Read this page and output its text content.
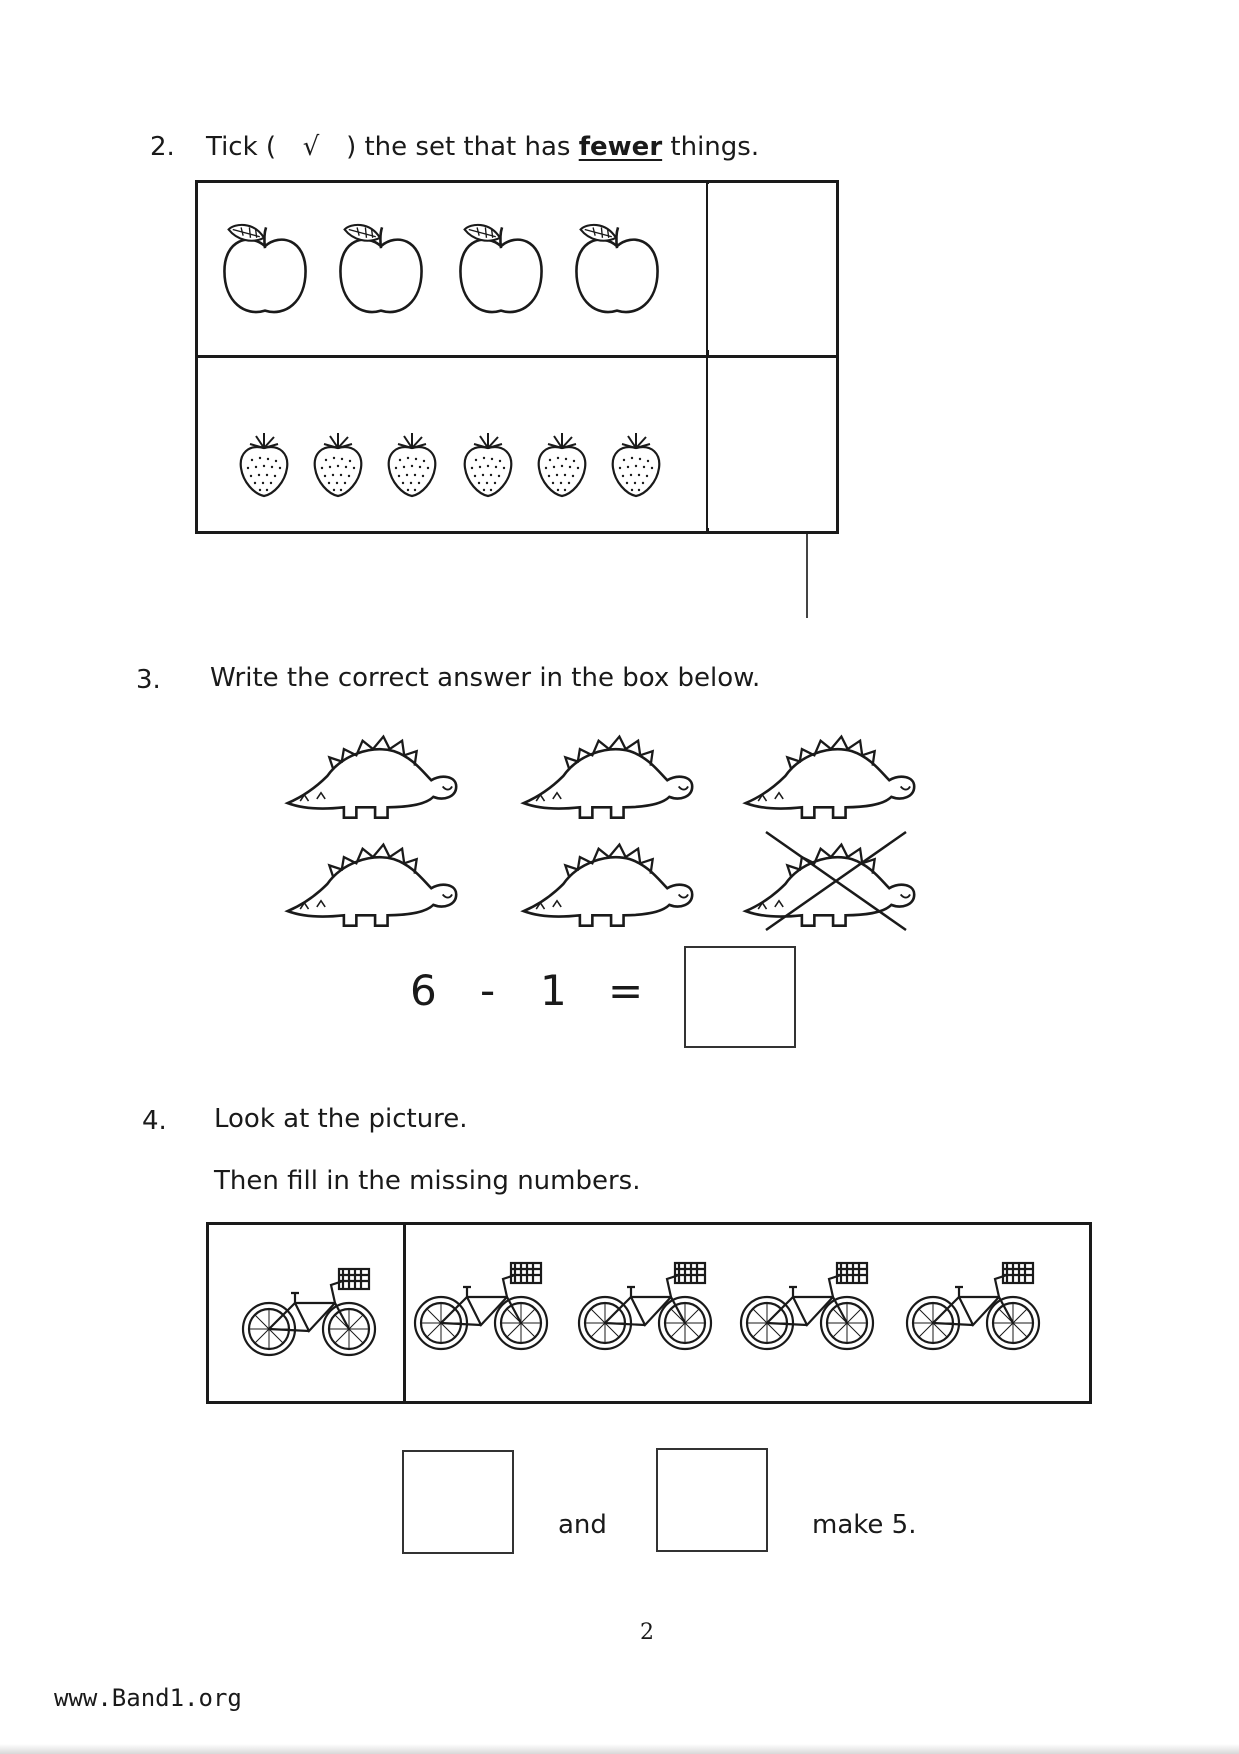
2. Tick ( √ ) the set that has fewer things.
3. Write the correct answer in the box below.
6 - 1 =
4. Look at the picture.
Then fill in the missing numbers.
and	make 5.
2
www.Band1.org
